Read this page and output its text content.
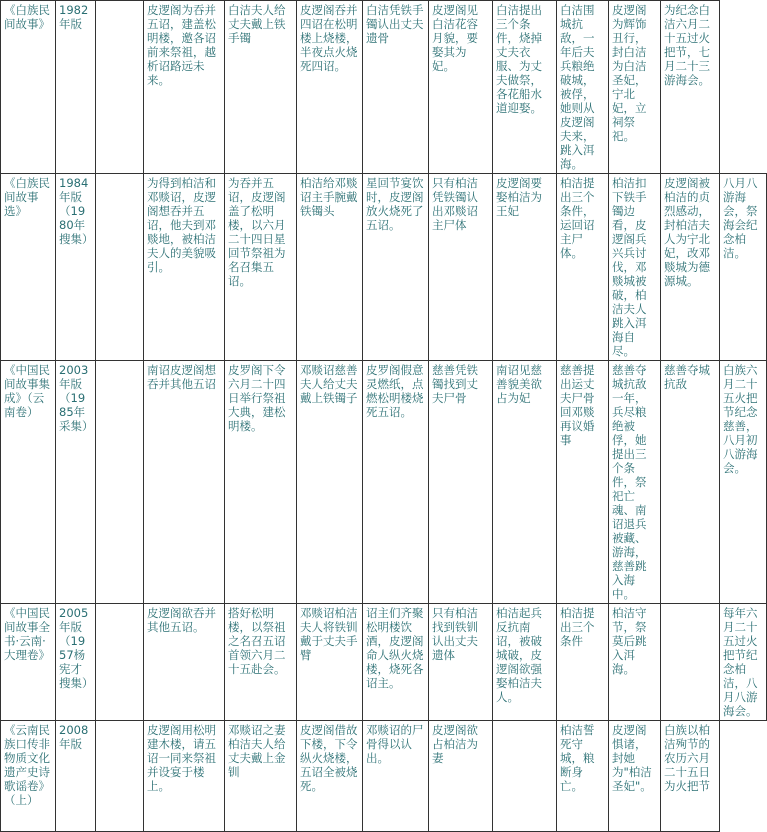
《白族民间故事》	1982年版		皮逻阁为吞并五诏，建盖松明楼，邀各诏前来祭祖，越析诏路远未来。	白洁夫人给丈夫戴上铁手镯	皮逻阁吞并四诏在松明楼上烧楼，半夜点火烧死四诏。	白洁凭铁手镯认出丈夫遗骨	皮逻阁见白洁花容月貌，要娶其为妃。	白洁提出三个条件，烧掉丈夫衣服、为丈夫做祭，各花船水道迎娶。	白洁围城抗敌，一年后夫兵粮绝破城，被俘，她则从皮逻阁夫来，跳入洱海。	皮逻阁为辉饰丑行，封白洁为白洁圣妃，宁北妃，立祠祭祀。	为纪念白洁六月二十五过火把节，七月二十三游海会。	
《白族民间故事选》	1984年版（1980年搜集）		为得到柏洁和邓赕诏，皮逻阁想吞并五诏，他夫到邓赕地，被柏洁夫人的美貌吸引。	为吞并五诏，皮逻阁盖了松明楼，以六月二十四日星回节祭祖为名召集五诏。	柏洁给邓赕诏主手腕戴铁镯头	星回节宴饮时，皮逻阁放火烧死了五诏。	只有柏洁凭铁镯认出邓赕诏主尸体	皮逻阁要娶柏洁为王妃	柏洁提出三个条件，运回诏主尸体。	柏洁扣下铁手镯边看，皮逻阁兵兴兵讨伐，邓赕城被破，柏洁夫人跳入洱海自尽。	皮逻阁被柏洁的贞烈感动，封柏洁夫人为宁北妃，改邓赕城为德源城。	八月八游海会，祭海会纪念柏洁。
《中国民间故事集成》（云南卷）	2003年版（1985年采集）		南诏皮逻阁想吞并其他五诏	皮罗阁下令六月二十四日举行祭祖大典，建松明楼。	邓赕诏慈善夫人给丈夫戴上铁镯子	皮罗阁假意灵燃纸，点燃松明楼烧死五诏。	慈善凭铁镯找到丈夫尸骨	南诏见慈善貌美欲占为妃	慈善提出运丈夫尸骨回邓赕再议婚事	慈善夺城抗敌一年，兵尽粮绝被俘，她提出三个条件，祭祀亡魂、南诏退兵被藏、游海，慈善跳入海中。	慈善夺城抗敌	白族六月二十五火把节纪念慈善，八月初八游海会。
《中国民间故事全书·云南·大理卷》	2005年版（1957杨宪才搜集）		皮逻阁欲吞并其他五诏。	搭好松明楼，以祭祖之名召五诏首领六月二十五赴会。	邓赕诏柏洁夫人将铁钏戴于丈夫手臂	诏主们齐聚松明楼饮酒，皮逻阁命人纵火烧楼，烧死各诏主。	只有柏洁找到铁钏认出丈夫遗体	柏洁起兵反抗南诏，被破城破，皮逻阁欲强娶柏洁夫人。	柏洁提出三个条件	柏洁守节，祭莫后跳入洱海。		每年六月二十五过火把节纪念柏洁，八月八游海会。
《云南民族口传非物质文化遗产史诗歌谣卷》（上）	2008年版		皮逻阁用松明建木楼，请五诏一同来祭祖并设宴于楼上。	邓赕诏之妻柏洁夫人给丈夫戴上金钏	皮逻阁借故下楼，下令纵火烧楼，五诏全被烧死。	邓赕诏的尸骨得以认出。	皮逻阁欲占柏洁为妻		柏洁誓死守城，粮断身亡。	皮逻阁惧诸，封她为"柏洁圣妃"。	白族以柏洁殉节的农历六月二十五日为火把节	
